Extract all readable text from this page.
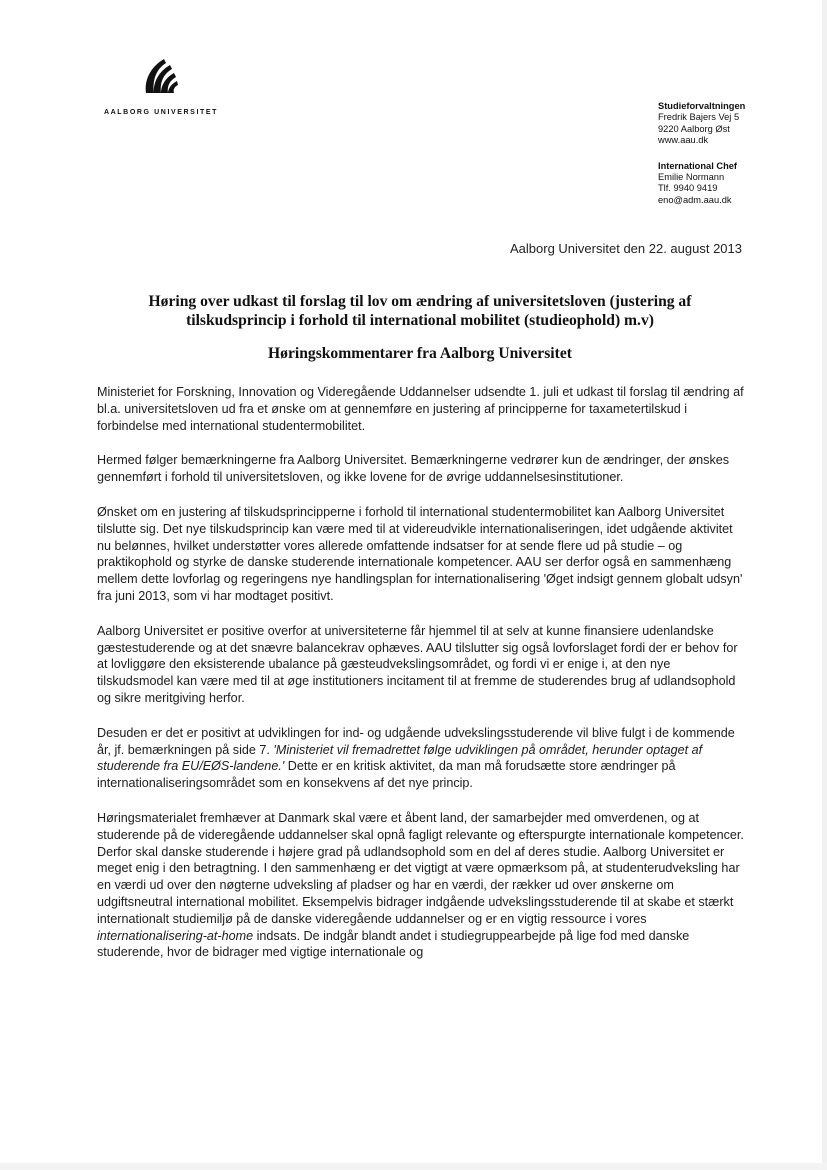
AALBORG UNIVERSITET
Studieforvaltningen
Fredrik Bajers Vej 5
9220 Aalborg Øst
www.aau.dk
International Chef
Emilie Normann
Tlf. 9940 9419
eno@adm.aau.dk
Aalborg Universitet den 22. august 2013
Høring over udkast til forslag til lov om ændring af universitetsloven (justering af
tilskudsprincip i forhold til international mobilitet (studieophold) m.v)
Høringskommentarer fra Aalborg Universitet

Ministeriet for Forskning, Innovation og Videregående Uddannelser udsendte 1. juli et udkast til forslag til ændring af bl.a. universitetsloven ud fra et ønske om at gennemføre en justering af principperne for taxametertilskud i forbindelse med international studentermobilitet.

Hermed følger bemærkningerne fra Aalborg Universitet. Bemærkningerne vedrører kun de ændringer, der ønskes gennemført i forhold til universitetsloven, og ikke lovene for de øvrige uddannelsesinstitutioner.

Ønsket om en justering af tilskudsprincipperne i forhold til international studentermobilitet kan Aalborg Universitet tilslutte sig. Det nye tilskudsprincip kan være med til at videreudvikle internationaliseringen, idet udgående aktivitet nu belønnes, hvilket understøtter vores allerede omfattende indsatser for at sende flere ud på studie – og praktikophold og styrke de danske studerende internationale kompetencer. AAU ser derfor også en sammenhæng mellem dette lovforlag og regeringens nye handlingsplan for internationalisering 'Øget indsigt gennem globalt udsyn' fra juni 2013, som vi har modtaget positivt.

Aalborg Universitet er positive overfor at universiteterne får hjemmel til at selv at kunne finansiere udenlandske gæstestuderende og at det snævre balancekrav ophæves. AAU tilslutter sig også lovforslaget fordi der er behov for at lovliggøre den eksisterende ubalance på gæsteudvekslingsområdet, og fordi vi er enige i, at den nye tilskudsmodel kan være med til at øge institutioners incitament til at fremme de studerendes brug af udlandsophold og sikre meritgiving herfor.

Desuden er det er positivt at udviklingen for ind- og udgående udvekslingsstuderende vil blive fulgt i de kommende år, jf. bemærkningen på side 7. 'Ministeriet vil fremadrettet følge udviklingen på området, herunder optaget af studerende fra EU/EØS-landene.' Dette er en kritisk aktivitet, da man må forudsætte store ændringer på internationaliseringsområdet som en konsekvens af det nye princip.

Høringsmaterialet fremhæver at Danmark skal være et åbent land, der samarbejder med omverdenen, og at studerende på de videregående uddannelser skal opnå fagligt relevante og efterspurgte internationale kompetencer. Derfor skal danske studerende i højere grad på udlandsophold som en del af deres studie. Aalborg Universitet er meget enig i den betragtning. I den sammenhæng er det vigtigt at være opmærksom på, at studenterudveksling har en værdi ud over den nøgterne udveksling af pladser og har en værdi, der rækker ud over ønskerne om udgiftsneutral international mobilitet. Eksempelvis bidrager indgående udvekslingsstuderende til at skabe et stærkt internationalt studiemiljø på de danske videregående uddannelser og er en vigtig ressource i vores internationalisering-at-home indsats. De indgår blandt andet i studiegruppearbejde på lige fod med danske studerende, hvor de bidrager med vigtige internationale og
